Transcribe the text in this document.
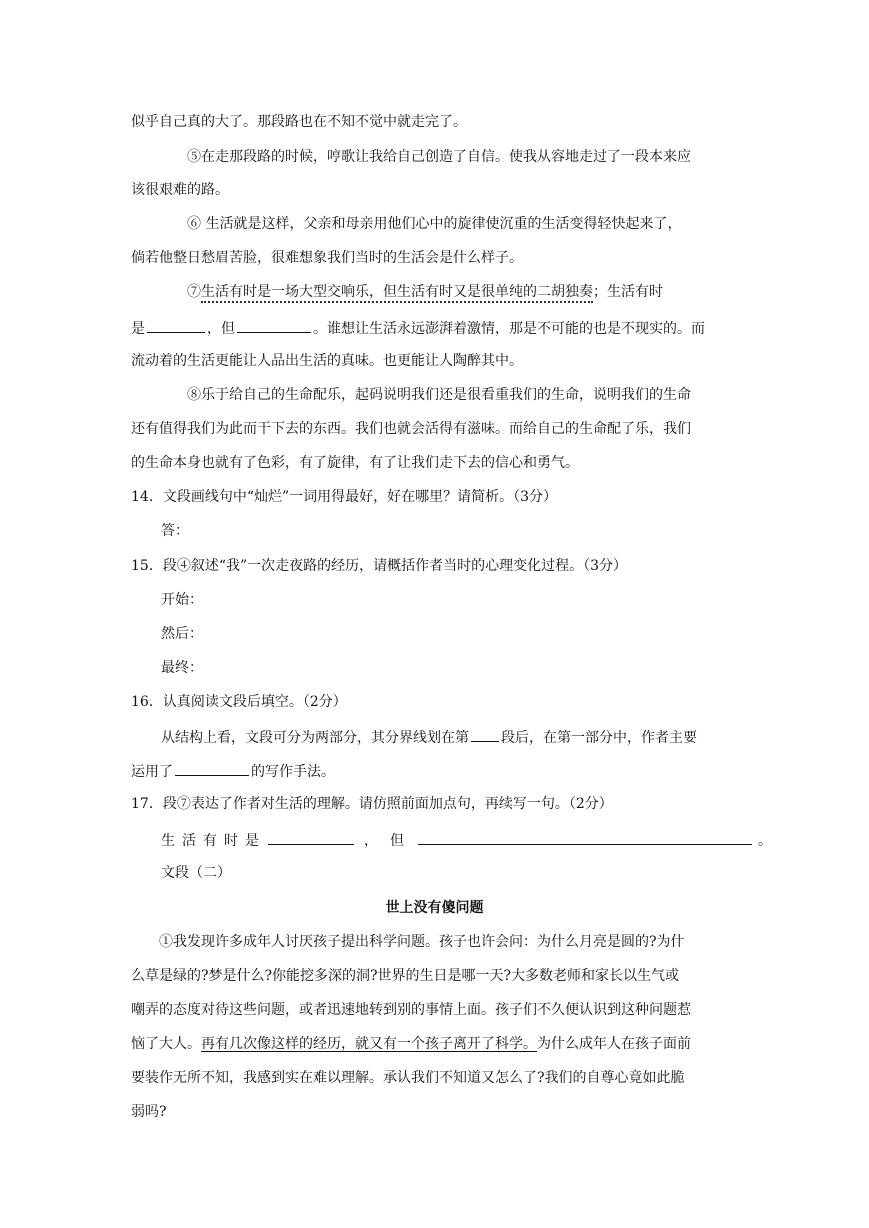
似乎自己真的大了。那段路也在不知不觉中就走完了。
⑤在走那段路的时候，哼歌让我给自己创造了自信。使我从容地走过了一段本来应
该很艰难的路。
⑥ 生活就是这样，父亲和母亲用他们心中的旋律使沉重的生活变得轻快起来了，
倘若他整日愁眉苦脸，很难想象我们当时的生活会是什么样子。
⑦生活有时是一场大型交响乐，但生活有时又是很单纯的二胡独奏；生活有时
是	，但	。谁想让生活永远澎湃着激情，那是不可能的也是不现实的。而
流动着的生活更能让人品出生活的真味。也更能让人陶醉其中。
⑧乐于给自己的生命配乐，起码说明我们还是很看重我们的生命，说明我们的生命
还有值得我们为此而干下去的东西。我们也就会活得有滋味。而给自己的生命配了乐，我们
的生命本身也就有了色彩，有了旋律，有了让我们走下去的信心和勇气。
14．文段画线句中“灿烂”一词用得最好，好在哪里？请简析。（3分）
答：
15．段④叙述“我”一次走夜路的经历，请概括作者当时的心理变化过程。（3分）
开始：
然后：
最终：
16．认真阅读文段后填空。（2分）
从结构上看，文段可分为两部分，其分界线划在第 段后，在第一部分中，作者主要
运用了	的写作手法。
17．段⑦表达了作者对生活的理解。请仿照前面加点句，再续写一句。（2分）
生活有时是	，但	。
文段（二）
世上没有傻问题
①我发现许多成年人讨厌孩子提出科学问题。孩子也许会问：为什么月亮是圆的?为什
么草是绿的?梦是什么?你能挖多深的洞?世界的生日是哪一天?大多数老师和家长以生气或
嘲弄的态度对待这些问题，或者迅速地转到别的事情上面。孩子们不久便认识到这种问题惹
恼了大人。再有几次像这样的经历，就又有一个孩子离开了科学。为什么成年人在孩子面前
要装作无所不知，我感到实在难以理解。承认我们不知道又怎么了?我们的自尊心竟如此脆
弱吗?
